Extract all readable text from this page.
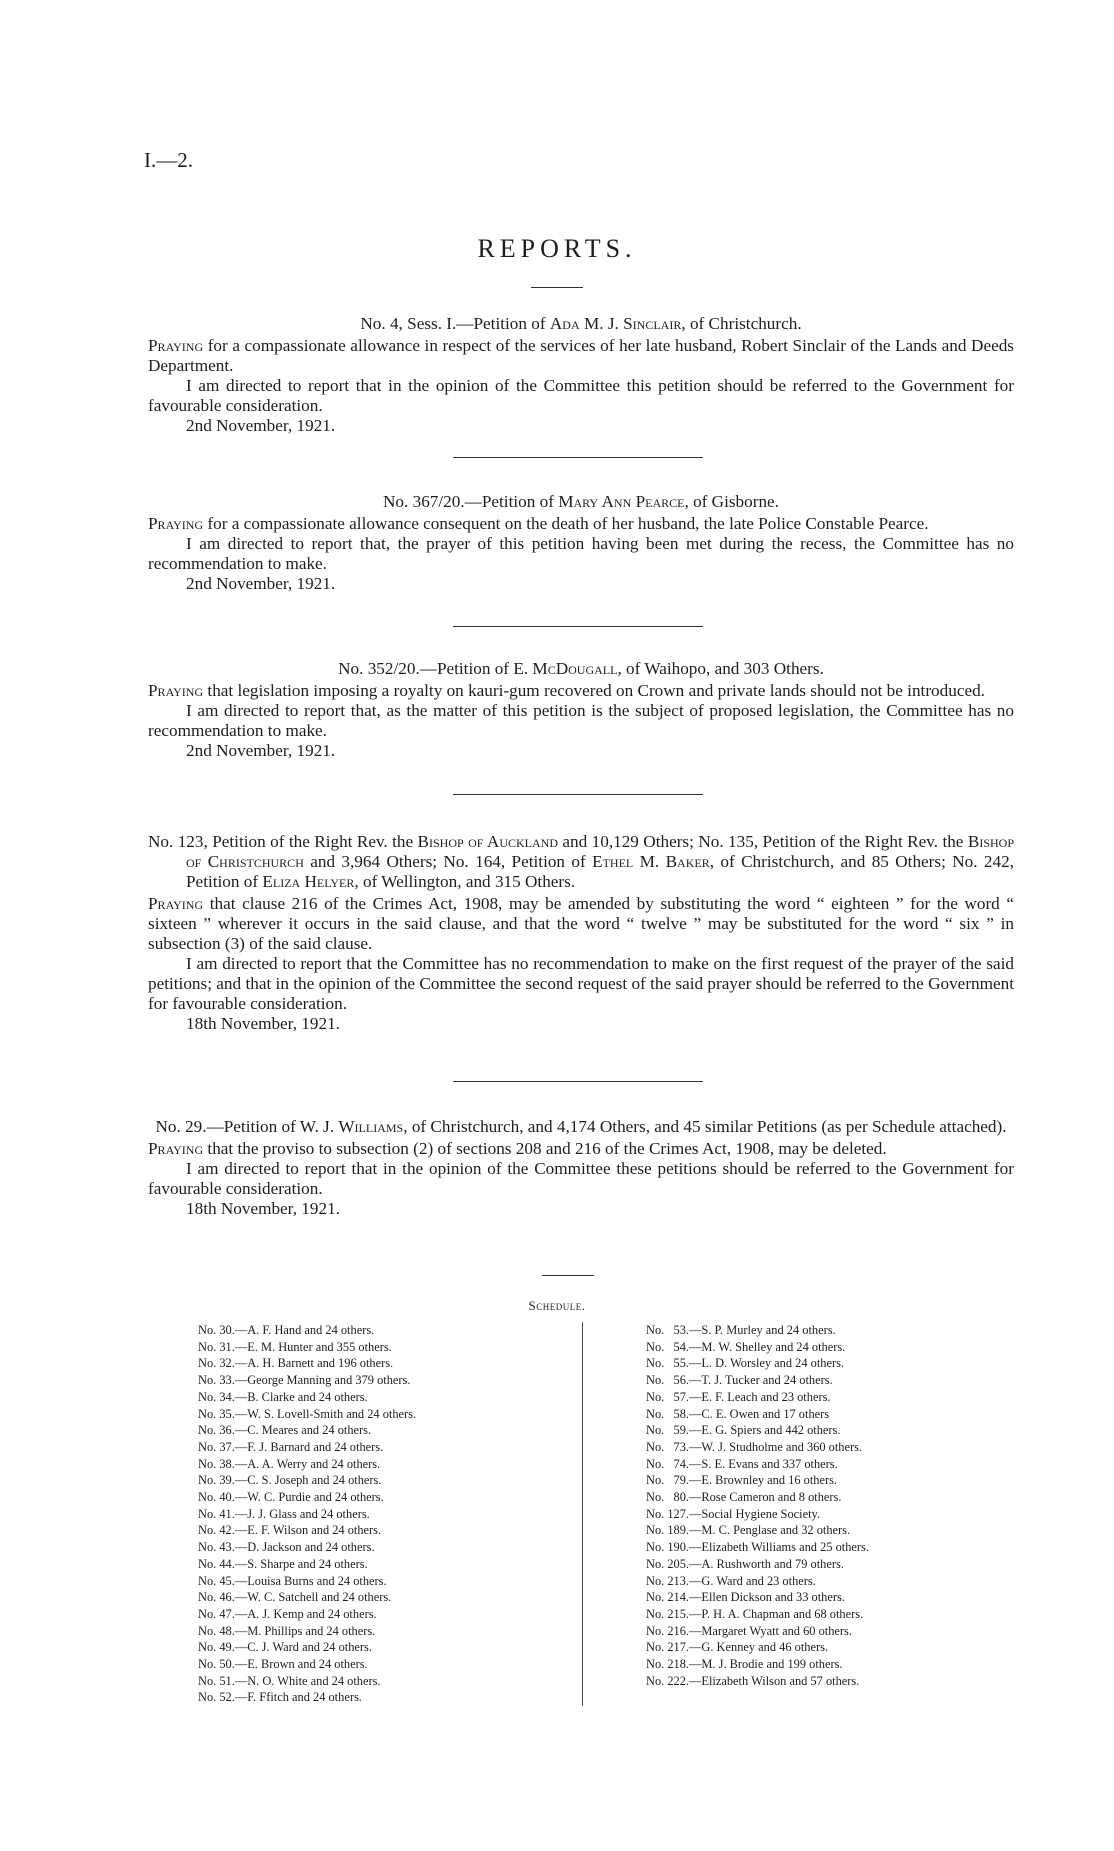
I.—2.
REPORTS.
No. 4, Sess. I.—Petition of Ada M. J. Sinclair, of Christchurch.

Praying for a compassionate allowance in respect of the services of her late husband, Robert Sinclair of the Lands and Deeds Department.

I am directed to report that in the opinion of the Committee this petition should be referred to the Government for favourable consideration.

2nd November, 1921.
No. 367/20.—Petition of Mary Ann Pearce, of Gisborne.

Praying for a compassionate allowance consequent on the death of her husband, the late Police Constable Pearce.

I am directed to report that, the prayer of this petition having been met during the recess, the Committee has no recommendation to make.

2nd November, 1921.
No. 352/20.—Petition of E. McDougall, of Waihopo, and 303 Others.

Praying that legislation imposing a royalty on kauri-gum recovered on Crown and private lands should not be introduced.

I am directed to report that, as the matter of this petition is the subject of proposed legislation, the Committee has no recommendation to make.

2nd November, 1921.
No. 123, Petition of the Right Rev. the Bishop of Auckland and 10,129 Others; No. 135, Petition of the Right Rev. the Bishop of Christchurch and 3,964 Others; No. 164, Petition of Ethel M. Baker, of Christchurch, and 85 Others; No. 242, Petition of Eliza Helyer, of Wellington, and 315 Others.

Praying that clause 216 of the Crimes Act, 1908, may be amended by substituting the word “ eighteen ” for the word “ sixteen ” wherever it occurs in the said clause, and that the word “ twelve ” may be substituted for the word “ six ” in subsection (3) of the said clause.

I am directed to report that the Committee has no recommendation to make on the first request of the prayer of the said petitions; and that in the opinion of the Committee the second request of the said prayer should be referred to the Government for favourable consideration.

18th November, 1921.
No. 29.—Petition of W. J. Williams, of Christchurch, and 4,174 Others, and 45 similar Petitions (as per Schedule attached).

Praying that the proviso to subsection (2) of sections 208 and 216 of the Crimes Act, 1908, may be deleted.

I am directed to report that in the opinion of the Committee these petitions should be referred to the Government for favourable consideration.

18th November, 1921.
Schedule.
No. 30.—A. F. Hand and 24 others.
No. 31.—E. M. Hunter and 355 others.
No. 32.—A. H. Barnett and 196 others.
No. 33.—George Manning and 379 others.
No. 34.—B. Clarke and 24 others.
No. 35.—W. S. Lovell-Smith and 24 others.
No. 36.—C. Meares and 24 others.
No. 37.—F. J. Barnard and 24 others.
No. 38.—A. A. Werry and 24 others.
No. 39.—C. S. Joseph and 24 others.
No. 40.—W. C. Purdie and 24 others.
No. 41.—J. J. Glass and 24 others.
No. 42.—E. F. Wilson and 24 others.
No. 43.—D. Jackson and 24 others.
No. 44.—S. Sharpe and 24 others.
No. 45.—Louisa Burns and 24 others.
No. 46.—W. C. Satchell and 24 others.
No. 47.—A. J. Kemp and 24 others.
No. 48.—M. Phillips and 24 others.
No. 49.—C. J. Ward and 24 others.
No. 50.—E. Brown and 24 others.
No. 51.—N. O. White and 24 others.
No. 52.—F. Ffitch and 24 others.
No.   53.—S. P. Murley and 24 others.
No.   54.—M. W. Shelley and 24 others.
No.   55.—L. D. Worsley and 24 others.
No.   56.—T. J. Tucker and 24 others.
No.   57.—E. F. Leach and 23 others.
No.   58.—C. E. Owen and 17 others
No.   59.—E. G. Spiers and 442 others.
No.   73.—W. J. Studholme and 360 others.
No.   74.—S. E. Evans and 337 others.
No.   79.—E. Brownley and 16 others.
No.   80.—Rose Cameron and 8 others.
No. 127.—Social Hygiene Society.
No. 189.—M. C. Penglase and 32 others.
No. 190.—Elizabeth Williams and 25 others.
No. 205.—A. Rushworth and 79 others.
No. 213.—G. Ward and 23 others.
No. 214.—Ellen Dickson and 33 others.
No. 215.—P. H. A. Chapman and 68 others.
No. 216.—Margaret Wyatt and 60 others.
No. 217.—G. Kenney and 46 others.
No. 218.—M. J. Brodie and 199 others.
No. 222.—Elizabeth Wilson and 57 others.
